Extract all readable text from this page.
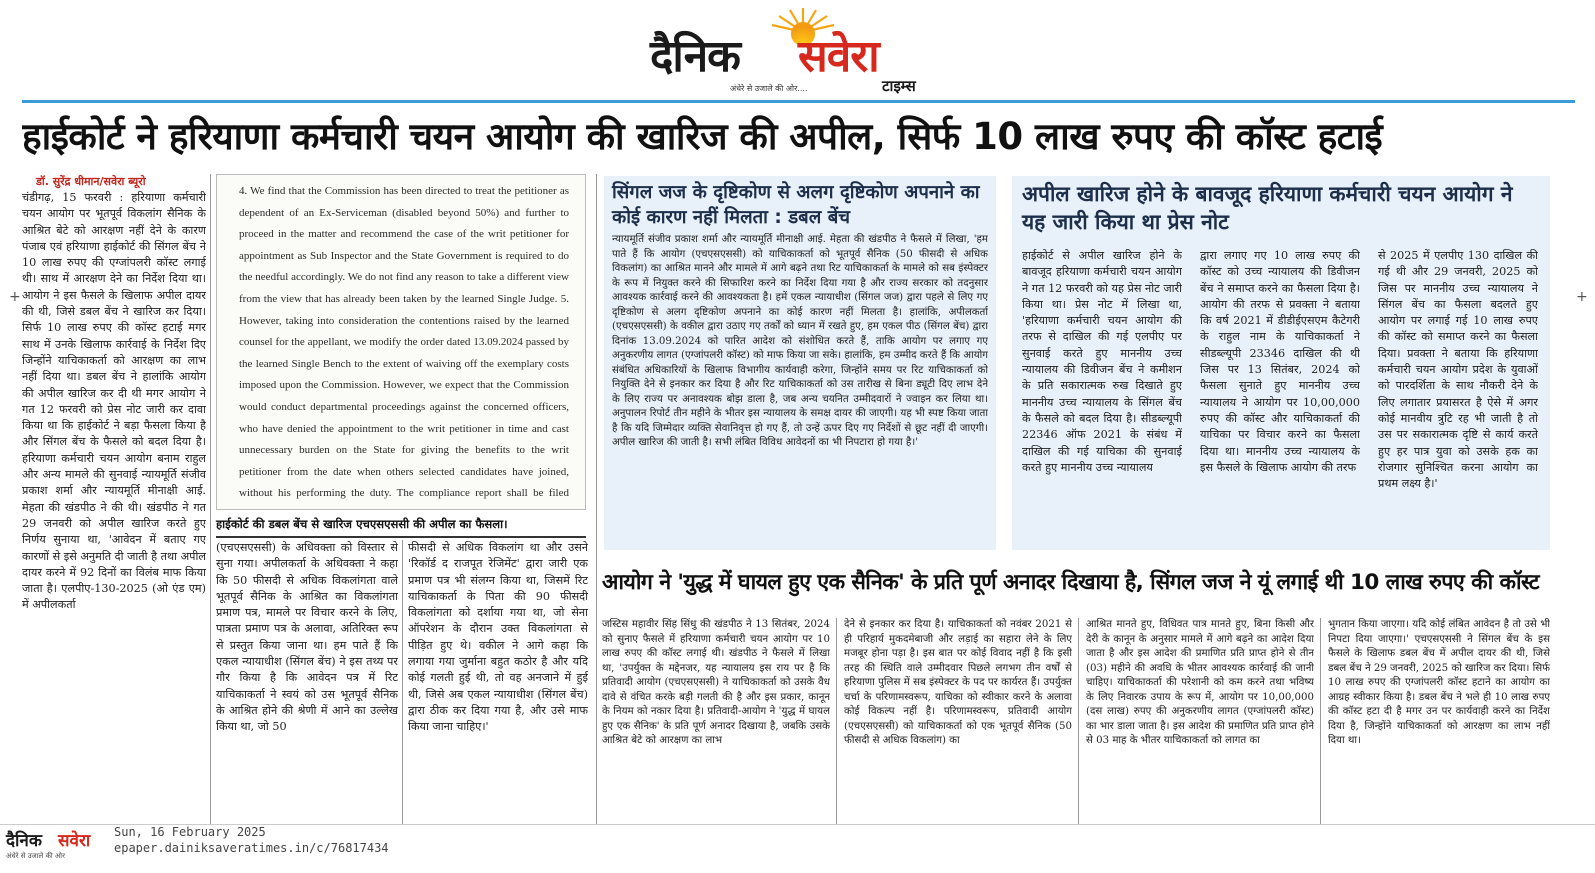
दैनिक सवेरा
अंधेरे से उजाले की ओर....	टाइम्स
हाईकोर्ट ने हरियाणा कर्मचारी चयन आयोग की खारिज की अपील, सिर्फ 10 लाख रुपए की कॉस्ट हटाई
डॉ. सुरेंद्र धीमान/सवेरा ब्यूरो
चंडीगढ़, 15 फरवरी : हरियाणा कर्मचारी चयन आयोग पर भूतपूर्व विकलांग सैनिक के आश्रित बेटे को आरक्षण नहीं देने के कारण पंजाब एवं हरियाणा हाईकोर्ट की सिंगल बेंच ने 10 लाख रुपए की एग्जांपलरी कॉस्ट लगाई थी। साथ में आरक्षण देने का निर्देश दिया था। आयोग ने इस फैसले के खिलाफ अपील दायर की थी, जिसे डबल बेंच ने खारिज कर दिया। सिर्फ 10 लाख रुपए की कॉस्ट हटाई मगर साथ में उनके खिलाफ कार्रवाई के निर्देश दिए जिन्होंने याचिकाकर्ता को आरक्षण का लाभ नहीं दिया था। डबल बेंच ने हालांकि आयोग की अपील खारिज कर दी थी मगर आयोग ने गत 12 फरवरी को प्रेस नोट जारी कर दावा किया था कि हाईकोर्ट ने बड़ा फैसला किया है और सिंगल बेंच के फैसले को बदल दिया है। हरियाणा कर्मचारी चयन आयोग बनाम राहुल और अन्य मामले की सुनवाई न्यायमूर्ति संजीव प्रकाश शर्मा और न्यायमूर्ति मीनाक्षी आई. मेहता की खंडपीठ ने की थी। खंडपीठ ने गत 29 जनवरी को अपील खारिज करते हुए निर्णय सुनाया था, 'आवेदन में बताए गए कारणों से इसे अनुमति दी जाती है तथा अपील दायर करने में 92 दिनों का विलंब माफ किया जाता है। एलपीए-130-2025 (ओ एंड एम) में अपीलकर्ता
+	+
4. We find that the Commission has been directed to treat the petitioner as dependent of an Ex-Serviceman (disabled beyond 50%) and further to proceed in the matter and recommend the case of the writ petitioner for appointment as Sub Inspector and the State Government is required to do the needful accordingly. We do not find any reason to take a different view from the view that has already been taken by the learned Single Judge. 5. However, taking into consideration the contentions raised by the learned counsel for the appellant, we modify the order dated 13.09.2024 passed by the learned Single Bench to the extent of waiving off the exemplary costs imposed upon the Commission. However, we expect that the Commission would conduct departmental proceedings against the concerned officers, who have denied the appointment to the writ petitioner in time and cast unnecessary burden on the State for giving the benefits to the writ petitioner from the date when others selected candidates have joined, without his performing the duty. The compliance report shall be filed
हाईकोर्ट की डबल बेंच से खारिज एचएसएससी की अपील का फैसला।
(एचएसएससी) के अधिवक्ता को विस्तार से सुना गया। अपीलकर्ता के अधिवक्ता ने कहा कि 50 फीसदी से अधिक विकलांगता वाले भूतपूर्व सैनिक के आश्रित का विकलांगता प्रमाण पत्र, मामले पर विचार करने के लिए, पात्रता प्रमाण पत्र के अलावा, अतिरिक्त रूप से प्रस्तुत किया जाना था। हम पाते हैं कि एकल न्यायाधीश (सिंगल बेंच) ने इस तथ्य पर गौर किया है कि आवेदन पत्र में रिट याचिकाकर्ता ने स्वयं को उस भूतपूर्व सैनिक के आश्रित होने की श्रेणी में आने का उल्लेख किया था, जो 50
फीसदी से अधिक विकलांग था और उसने 'रिकॉर्ड द राजपूत रेजिमेंट' द्वारा जारी एक प्रमाण पत्र भी संलग्न किया था, जिसमें रिट याचिकाकर्ता के पिता की 90 फीसदी विकलांगता को दर्शाया गया था, जो सेना ऑपरेशन के दौरान उक्त विकलांगता से पीड़ित हुए थे। वकील ने आगे कहा कि लगाया गया जुर्माना बहुत कठोर है और यदि कोई गलती हुई थी, तो वह अनजाने में हुई थी, जिसे अब एकल न्यायाधीश (सिंगल बेंच) द्वारा ठीक कर दिया गया है, और उसे माफ किया जाना चाहिए।'
सिंगल जज के दृष्टिकोण से अलग दृष्टिकोण अपनाने का कोई कारण नहीं मिलता : डबल बेंच
न्यायमूर्ति संजीव प्रकाश शर्मा और न्यायमूर्ति मीनाक्षी आई. मेहता की खंडपीठ ने फैसले में लिखा, 'हम पाते हैं कि आयोग (एचएसएससी) को याचिकाकर्ता को भूतपूर्व सैनिक (50 फीसदी से अधिक विकलांग) का आश्रित मानने और मामले में आगे बढ़ने तथा रिट याचिकाकर्ता के मामले को सब इंस्पेक्टर के रूप में नियुक्त करने की सिफारिश करने का निर्देश दिया गया है और राज्य सरकार को तदनुसार आवश्यक कार्रवाई करने की आवश्यकता है। हमें एकल न्यायाधीश (सिंगल जज) द्वारा पहले से लिए गए दृष्टिकोण से अलग दृष्टिकोण अपनाने का कोई कारण नहीं मिलता है। हालांकि, अपीलकर्ता (एचएसएससी) के वकील द्वारा उठाए गए तर्कों को ध्यान में रखते हुए, हम एकल पीठ (सिंगल बेंच) द्वारा दिनांक 13.09.2024 को पारित आदेश को संशोधित करते हैं, ताकि आयोग पर लगाए गए अनुकरणीय लागत (एग्जांपलरी कॉस्ट) को माफ किया जा सके। हालांकि, हम उम्मीद करते हैं कि आयोग संबंधित अधिकारियों के खिलाफ विभागीय कार्यवाही करेगा, जिन्होंने समय पर रिट याचिकाकर्ता को नियुक्ति देने से इनकार कर दिया है और रिट याचिकाकर्ता को उस तारीख से बिना ड्यूटी दिए लाभ देने के लिए राज्य पर अनावश्यक बोझ डाला है, जब अन्य चयनित उम्मीदवारों ने ज्वाइन कर लिया था। अनुपालन रिपोर्ट तीन महीने के भीतर इस न्यायालय के समक्ष दायर की जाएगी। यह भी स्पष्ट किया जाता है कि यदि जिम्मेदार व्यक्ति सेवानिवृत्त हो गए हैं, तो उन्हें ऊपर दिए गए निर्देशों से छूट नहीं दी जाएगी। अपील खारिज की जाती है। सभी लंबित विविध आवेदनों का भी निपटारा हो गया है।'
अपील खारिज होने के बावजूद हरियाणा कर्मचारी चयन आयोग ने यह जारी किया था प्रेस नोट
हाईकोर्ट से अपील खारिज होने के बावजूद हरियाणा कर्मचारी चयन आयोग ने गत 12 फरवरी को यह प्रेस नोट जारी किया था। प्रेस नोट में लिखा था, 'हरियाणा कर्मचारी चयन आयोग की तरफ से दाखिल की गई एलपीए पर सुनवाई करते हुए माननीय उच्च न्यायालय की डिवीजन बेंच ने कमीशन के प्रति सकारात्मक रुख दिखाते हुए माननीय उच्च न्यायालय के सिंगल बेंच के फैसले को बदल दिया है। सीडब्ल्यूपी 22346 ऑफ 2021 के संबंध में दाखिल की गई याचिका की सुनवाई करते हुए माननीय उच्च न्यायालय
द्वारा लगाए गए 10 लाख रुपए की कॉस्ट को उच्च न्यायालय की डिवीजन बेंच ने समाप्त करने का फैसला दिया है। आयोग की तरफ से प्रवक्ता ने बताया कि वर्ष 2021 में डीडीईएसएम कैटेगरी के राहुल नाम के याचिकाकर्ता ने सीडब्ल्यूपी 23346 दाखिल की थी जिस पर 13 सितंबर, 2024 को फैसला सुनाते हुए माननीय उच्च न्यायालय ने आयोग पर 10,00,000 रुपए की कॉस्ट और याचिकाकर्ता की याचिका पर विचार करने का फैसला दिया था। माननीय उच्च न्यायालय के इस फैसले के खिलाफ आयोग की तरफ
से 2025 में एलपीए 130 दाखिल की गई थी और 29 जनवरी, 2025 को जिस पर माननीय उच्च न्यायालय ने सिंगल बेंच का फैसला बदलते हुए आयोग पर लगाई गई 10 लाख रुपए की कॉस्ट को समाप्त करने का फैसला दिया। प्रवक्ता ने बताया कि हरियाणा कर्मचारी चयन आयोग प्रदेश के युवाओं को पारदर्शिता के साथ नौकरी देने के लिए लगातार प्रयासरत है ऐसे में अगर कोई मानवीय त्रुटि रह भी जाती है तो उस पर सकारात्मक दृष्टि से कार्य करते हुए हर पात्र युवा को उसके हक का रोजगार सुनिश्चित करना आयोग का प्रथम लक्ष्य है।'
आयोग ने 'युद्ध में घायल हुए एक सैनिक' के प्रति पूर्ण अनादर दिखाया है, सिंगल जज ने यूं लगाई थी 10 लाख रुपए की कॉस्ट
जस्टिस महावीर सिंह सिंधु की खंडपीठ ने 13 सितंबर, 2024 को सुनाए फैसले में हरियाणा कर्मचारी चयन आयोग पर 10 लाख रुपए की कॉस्ट लगाई थी। खंडपीठ ने फैसले में लिखा था, 'उपर्युक्त के मद्देनजर, यह न्यायालय इस राय पर है कि प्रतिवादी आयोग (एचएसएससी) ने याचिकाकर्ता को उसके वैध दावे से वंचित करके बड़ी गलती की है और इस प्रकार, कानून के नियम को नकार दिया है। प्रतिवादी-आयोग ने 'युद्ध में घायल हुए एक सैनिक' के प्रति पूर्ण अनादर दिखाया है, जबकि उसके आश्रित बेटे को आरक्षण का लाभ
देने से इनकार कर दिया है। याचिकाकर्ता को नवंबर 2021 से ही परिहार्य मुकदमेबाजी और लड़ाई का सहारा लेने के लिए मजबूर होना पड़ा है। इस बात पर कोई विवाद नहीं है कि इसी तरह की स्थिति वाले उम्मीदवार पिछले लगभग तीन वर्षों से हरियाणा पुलिस में सब इंस्पेक्टर के पद पर कार्यरत हैं। उपर्युक्त चर्चा के परिणामस्वरूप, याचिका को स्वीकार करने के अलावा कोई विकल्प नहीं है। परिणामस्वरूप, प्रतिवादी आयोग (एचएसएससी) को याचिकाकर्ता को एक भूतपूर्व सैनिक (50 फीसदी से अधिक विकलांग) का
आश्रित मानते हुए, विधिवत पात्र मानते हुए, बिना किसी और देरी के कानून के अनुसार मामले में आगे बढ़ने का आदेश दिया जाता है और इस आदेश की प्रमाणित प्रति प्राप्त होने से तीन (03) महीने की अवधि के भीतर आवश्यक कार्रवाई की जानी चाहिए। याचिकाकर्ता की परेशानी को कम करने तथा भविष्य के लिए निवारक उपाय के रूप में, आयोग पर 10,00,000 (दस लाख) रुपए की अनुकरणीय लागत (एग्जांपलरी कॉस्ट) का भार डाला जाता है। इस आदेश की प्रमाणित प्रति प्राप्त होने से 03 माह के भीतर याचिकाकर्ता को लागत का
भुगतान किया जाएगा। यदि कोई लंबित आवेदन है तो उसे भी निपटा दिया जाएगा।' एचएसएससी ने सिंगल बेंच के इस फैसले के खिलाफ डबल बेंच में अपील दायर की थी, जिसे डबल बेंच ने 29 जनवरी, 2025 को खारिज कर दिया। सिर्फ 10 लाख रुपए की एग्जांपलरी कॉस्ट हटाने का आयोग का आग्रह स्वीकार किया है। डबल बेंच ने भले ही 10 लाख रुपए की कॉस्ट हटा दी है मगर उन पर कार्यवाही करने का निर्देश दिया है, जिन्होंने याचिकाकर्ता को आरक्षण का लाभ नहीं दिया था।
दैनिक सवेरा
अंधेरे से उजाले की ओर
Sun, 16 February 2025
epaper.dainiksaveratimes.in/c/76817434
